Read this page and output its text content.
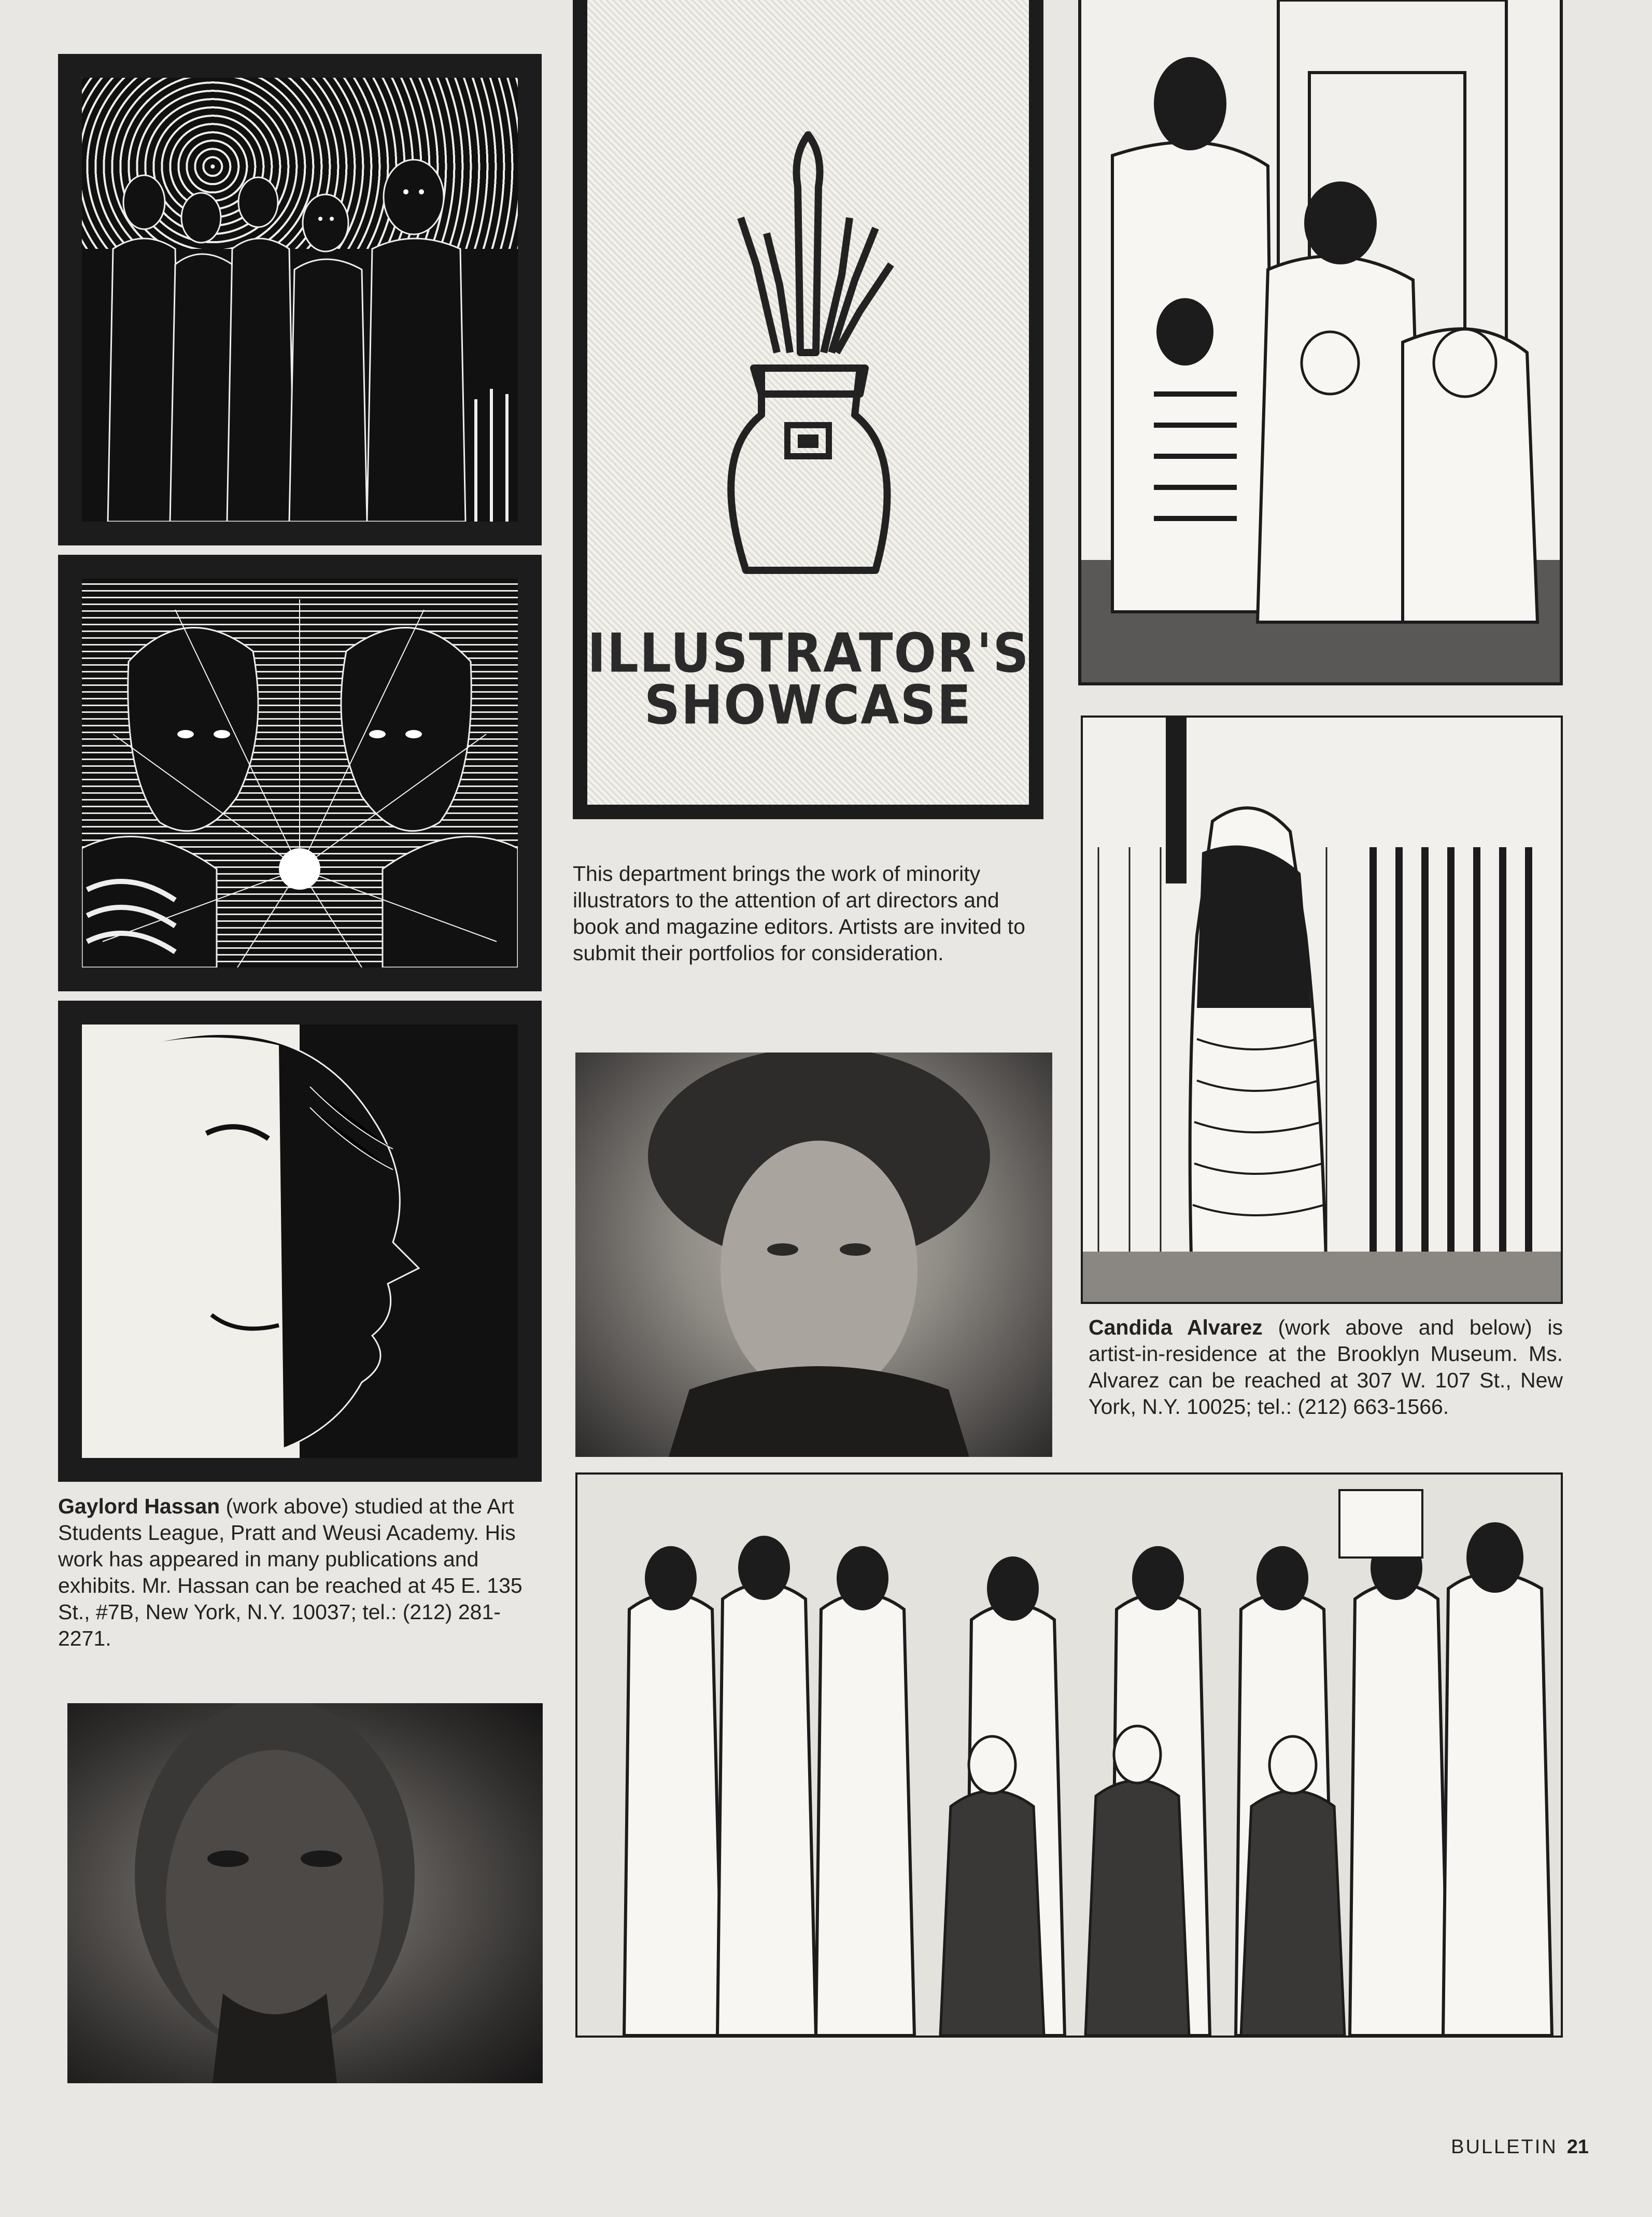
Gaylord Hassan (work above) studied at the Art Students League, Pratt and Weusi Academy. His work has appeared in many publications and exhibits. Mr. Hassan can be reached at 45 E. 135 St., #7B, New York, N.Y. 10037; tel.: (212) 281-2271.
ILLUSTRATOR'S
SHOWCASE
This department brings the work of minority illustrators to the attention of art directors and book and magazine editors. Artists are invited to submit their portfolios for consideration.
Candida Alvarez (work above and below) is artist-in-residence at the Brooklyn Museum. Ms. Alvarez can be reached at 307 W. 107 St., New York, N.Y. 10025; tel.: (212) 663-1566.
BULLETIN 21
